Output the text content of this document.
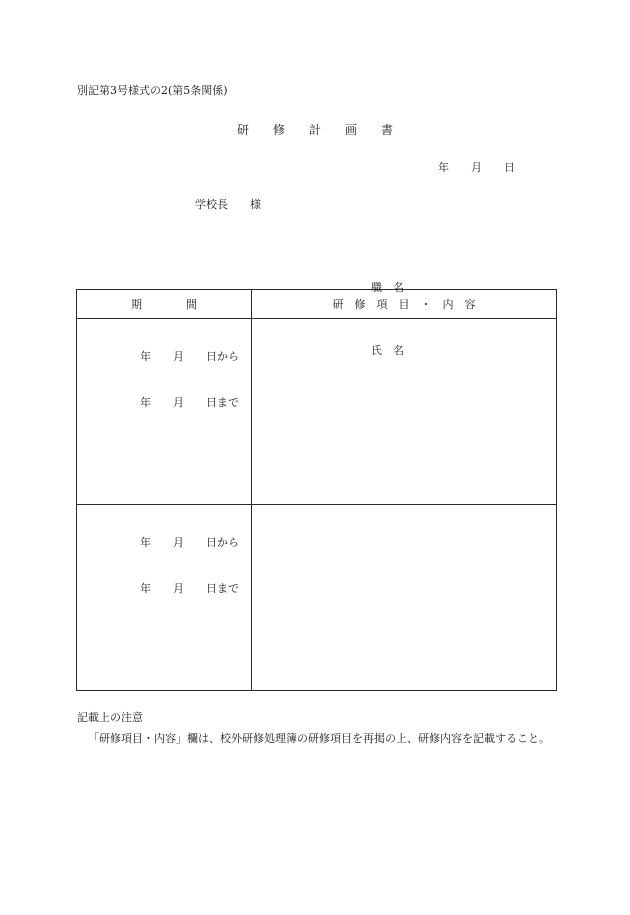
別記第3号様式の2(第5条関係)
研　　修　　計　　画　　書
年　　月　　日
学校長　　様

職　名

氏　名

期　　　　間	研　修　項　目　・　内　容

年　　月　　日から
年　　月　　日まで	

年　　月　　日から
年　　月　　日まで	

記載上の注意
「研修項目・内容」欄は、校外研修処理簿の研修項目を再掲の上、研修内容を記載すること。
